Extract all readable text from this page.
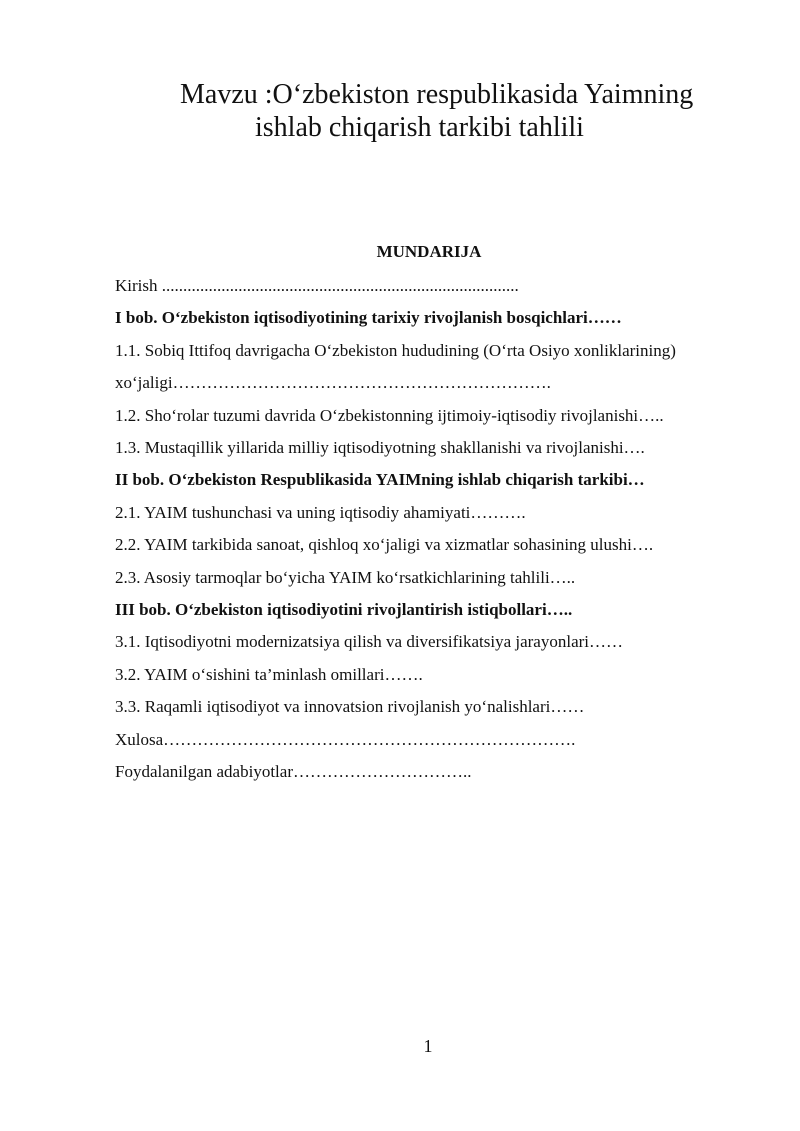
Mavzu :O‘zbekiston respublikasida Yaimning
ishlab chiqarish tarkibi tahlili
MUNDARIJA
Kirish ....................................................................................
I bob. O‘zbekiston iqtisodiyotining tarixiy rivojlanish bosqichlari……
1.1. Sobiq Ittifoq davrigacha O‘zbekiston hududining (O‘rta Osiyo xonliklarining)
xo‘jaligi………………………………………………………….
1.2. Sho‘rolar tuzumi davrida O‘zbekistonning ijtimoiy-iqtisodiy rivojlanishi…..
1.3. Mustaqillik yillarida milliy iqtisodiyotning shakllanishi va rivojlanishi….
II bob. O‘zbekiston Respublikasida YAIMning ishlab chiqarish tarkibi…
2.1. YAIM tushunchasi va uning iqtisodiy ahamiyati……….
2.2. YAIM tarkibida sanoat, qishloq xo‘jaligi va xizmatlar sohasining ulushi….
2.3. Asosiy tarmoqlar bo‘yicha YAIM ko‘rsatkichlarining tahlili…..
III bob. O‘zbekiston iqtisodiyotini rivojlantirish istiqbollari…..
3.1. Iqtisodiyotni modernizatsiya qilish va diversifikatsiya jarayonlari……
3.2. YAIM o‘sishini ta’minlash omillari…….
3.3. Raqamli iqtisodiyot va innovatsion rivojlanish yo‘nalishlari……
Xulosa……………………………………………………………….
Foydalanilgan adabiyotlar…………………………..
1
